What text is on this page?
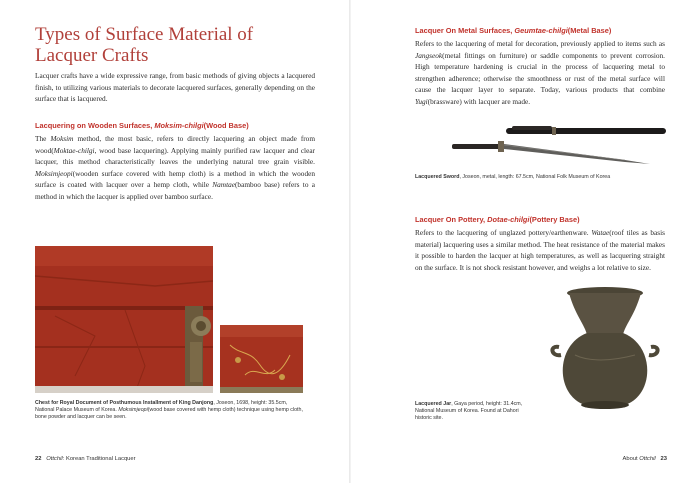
Types of Surface Material of Lacquer Crafts
Lacquer crafts have a wide expressive range, from basic methods of giving objects a lacquered finish, to utilizing various materials to decorate lacquered surfaces, generally depending on the surface that is lacquered.
Lacquering on Wooden Surfaces, Moksim-chilgi(Wood Base)
The Moksim method, the most basic, refers to directly lacquering an object made from wood(Moktae-chilgi, wood base lacquering). Applying mainly purified raw lacquer and clear lacquer, this method characteristically leaves the underlying natural tree grain visible. Moksimjeopi(wooden surface covered with hemp cloth) is a method in which the wooden surface is coated with lacquer over a hemp cloth, while Namtae(bamboo base) refers to a method in which the lacquer is applied over bamboo surface.
Chest for Royal Document of Posthumous Installment of King Danjong, Joseon, 1698, height: 35.5cm, National Palace Museum of Korea. Moksimjeopi(wood base covered with hemp cloth) technique using hemp cloth, bone powder and lacquer can be seen.
22 Ottchil: Korean Traditional Lacquer
Lacquer On Metal Surfaces, Geumtae-chilgi(Metal Base)
Refers to the lacquering of metal for decoration, previously applied to items such as Jangseok(metal fittings on furniture) or saddle components to prevent corrosion. High temperature hardening is crucial in the process of lacquering metal to strengthen adherence; otherwise the smoothness or rust of the metal surface will cause the lacquer layer to separate. Today, various products that combine Yugi(brassware) with lacquer are made.
Lacquered Sword, Joseon, metal, length: 67.5cm, National Folk Museum of Korea
Lacquer On Pottery, Dotae-chilgi(Pottery Base)
Refers to the lacquering of unglazed pottery/earthenware. Watae(roof tiles as basis material) lacquering uses a similar method. The heat resistance of the material makes it possible to harden the lacquer at high temperatures, as well as lacquering straight on the surface. It is not shock resistant however, and weighs a lot relative to size.
Lacquered Jar, Gaya period, height: 31.4cm, National Museum of Korea. Found at Dahori historic site.
About Ottchil 23
